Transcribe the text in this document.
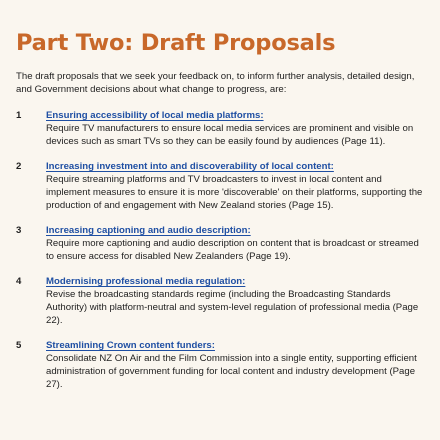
Part Two: Draft Proposals

The draft proposals that we seek your feedback on, to inform further analysis, detailed design, and Government decisions about what change to progress, are:

1	Ensuring accessibility of local media platforms:
Require TV manufacturers to ensure local media services are prominent and visible on devices such as smart TVs so they can be easily found by audiences (Page 11).
2	Increasing investment into and discoverability of local content:
Require streaming platforms and TV broadcasters to invest in local content and implement measures to ensure it is more 'discoverable' on their platforms, supporting the production of and engagement with New Zealand stories (Page 15).
3	Increasing captioning and audio description:
Require more captioning and audio description on content that is broadcast or streamed to ensure access for disabled New Zealanders (Page 19).
4	Modernising professional media regulation:
Revise the broadcasting standards regime (including the Broadcasting Standards Authority) with platform-neutral and system-level regulation of professional media (Page 22).
5	Streamlining Crown content funders:
Consolidate NZ On Air and the Film Commission into a single entity, supporting efficient administration of government funding for local content and industry development (Page 27).
